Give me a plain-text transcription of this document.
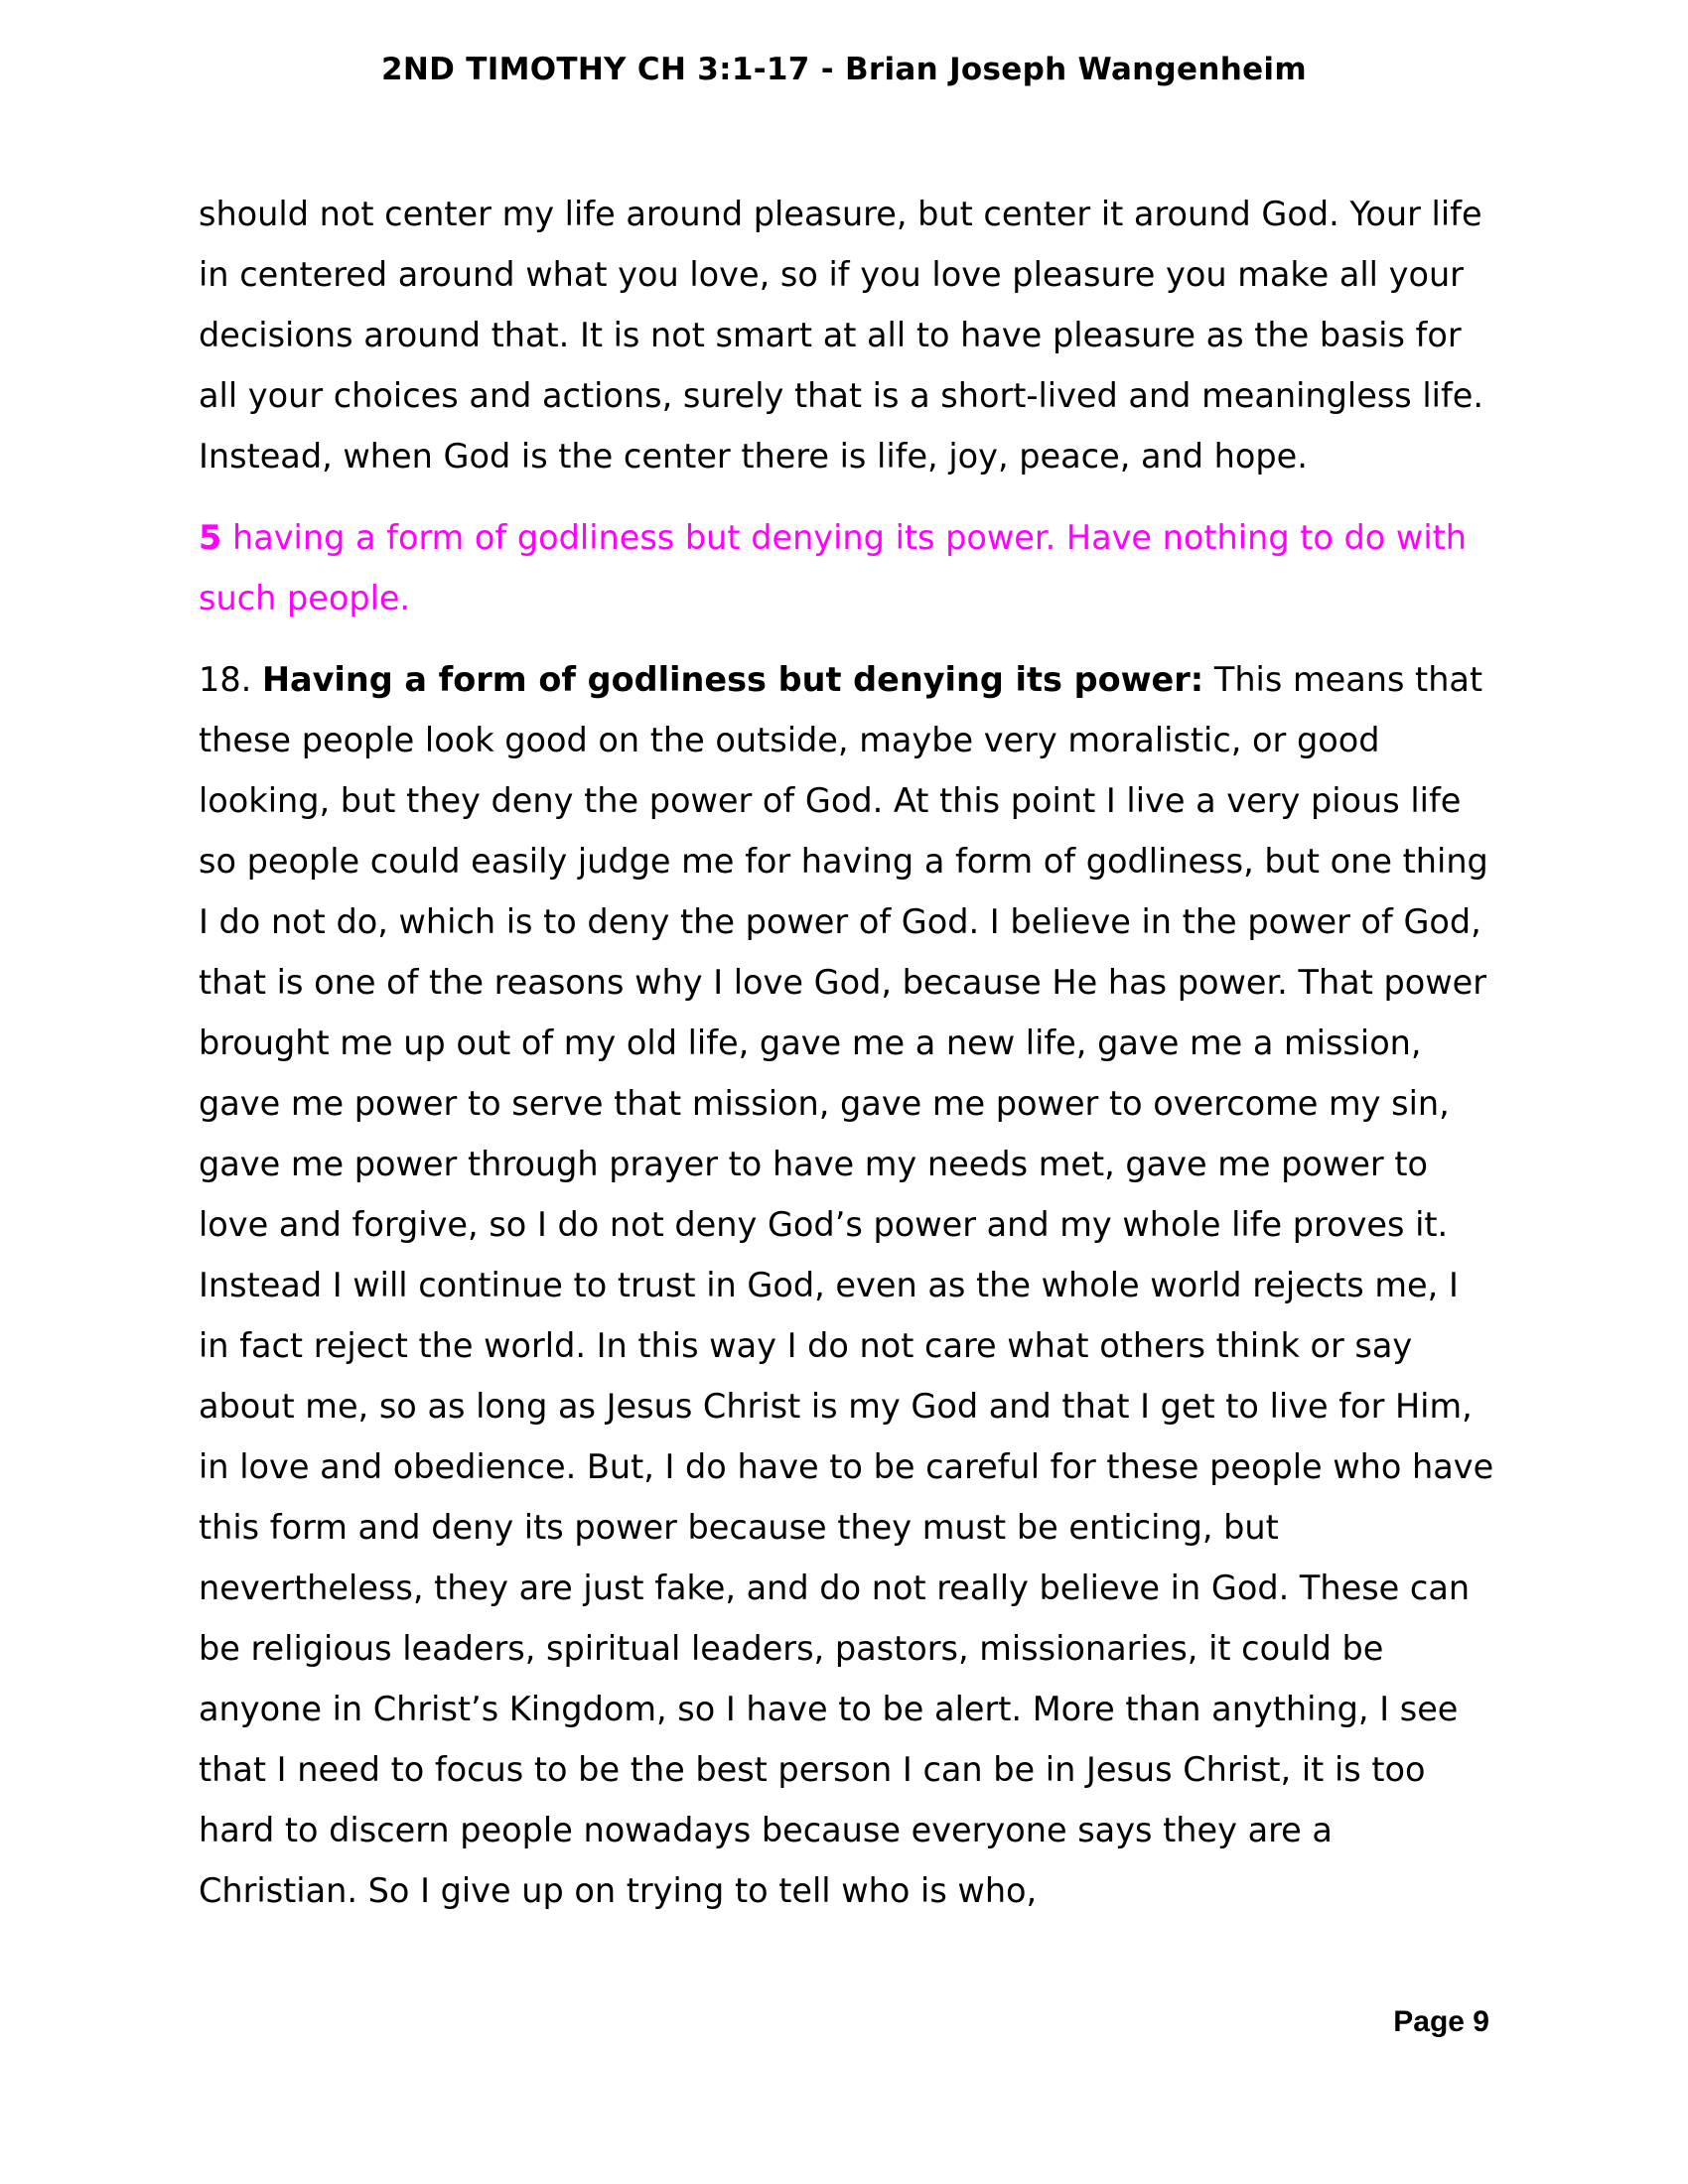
2ND TIMOTHY CH 3:1-17 - Brian Joseph Wangenheim

should not center my life around pleasure, but center it around God. Your life in centered around what you love, so if you love pleasure you make all your decisions around that. It is not smart at all to have pleasure as the basis for all your choices and actions, surely that is a short-lived and meaningless life. Instead, when God is the center there is life, joy, peace, and hope.

5 having a form of godliness but denying its power. Have nothing to do with such people.

18. Having a form of godliness but denying its power: This means that these people look good on the outside, maybe very moralistic, or good looking, but they deny the power of God. At this point I live a very pious life so people could easily judge me for having a form of godliness, but one thing I do not do, which is to deny the power of God. I believe in the power of God, that is one of the reasons why I love God, because He has power. That power brought me up out of my old life, gave me a new life, gave me a mission, gave me power to serve that mission, gave me power to overcome my sin, gave me power through prayer to have my needs met, gave me power to love and forgive, so I do not deny God’s power and my whole life proves it. Instead I will continue to trust in God, even as the whole world rejects me, I in fact reject the world. In this way I do not care what others think or say about me, so as long as Jesus Christ is my God and that I get to live for Him, in love and obedience. But, I do have to be careful for these people who have this form and deny its power because they must be enticing, but nevertheless, they are just fake, and do not really believe in God. These can be religious leaders, spiritual leaders, pastors, missionaries, it could be anyone in Christ’s Kingdom, so I have to be alert. More than anything, I see that I need to focus to be the best person I can be in Jesus Christ, it is too hard to discern people nowadays because everyone says they are a Christian. So I give up on trying to tell who is who,

Page 9
